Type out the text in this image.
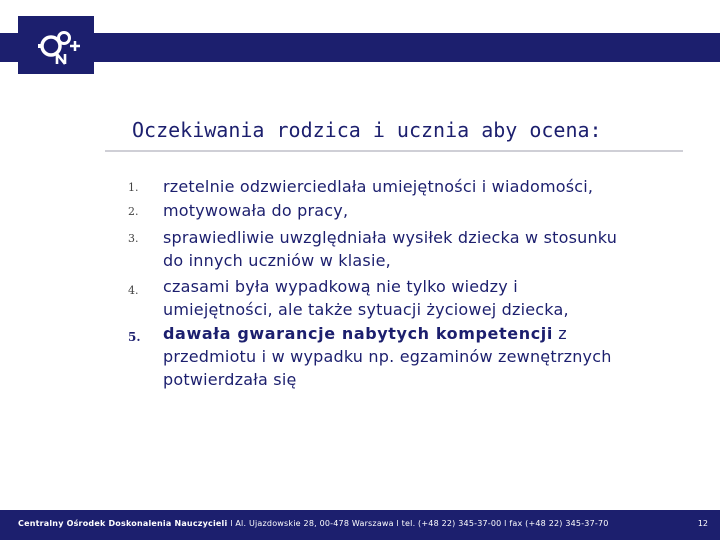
Oczekiwania rodzica i ucznia aby ocena:
1.	rzetelnie odzwierciedlała umiejętności i wiadomości,
2.	motywowała do pracy,
3.	sprawiedliwie uwzględniała wysiłek dziecka w stosunku
do innych uczniów w klasie,
4.	czasami była wypadkową nie tylko wiedzy i
umiejętności, ale także sytuacji życiowej dziecka,
5.	dawała gwarancje nabytych kompetencji z
przedmiotu i w wypadku np. egzaminów zewnętrznych
potwierdzała się
Centralny Ośrodek Doskonalenia Nauczycieli l Al. Ujazdowskie 28, 00-478 Warszawa l tel. (+48 22) 345-37-00 l fax (+48 22) 345-37-70	12
